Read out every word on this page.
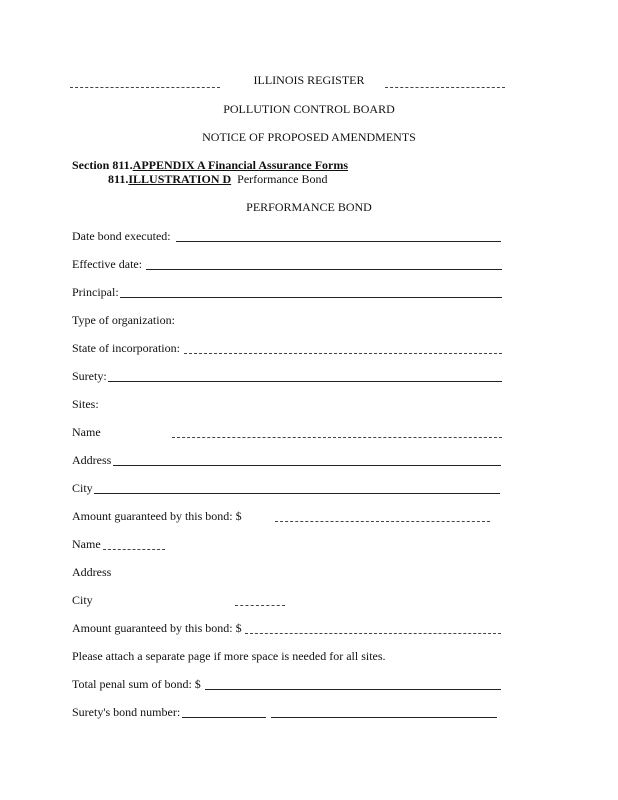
ILLINOIS REGISTER
POLLUTION CONTROL BOARD
NOTICE OF PROPOSED AMENDMENTS
Section 811.APPENDIX A Financial Assurance Forms
811.ILLUSTRATION D Performance Bond
PERFORMANCE BOND
Date bond executed:
Effective date:
Principal:
Type of organization:
State of incorporation:
Surety:
Sites:
Name
Address
City
Amount guaranteed by this bond: $
Name
Address
City
Amount guaranteed by this bond: $
Please attach a separate page if more space is needed for all sites.
Total penal sum of bond: $
Surety's bond number:
